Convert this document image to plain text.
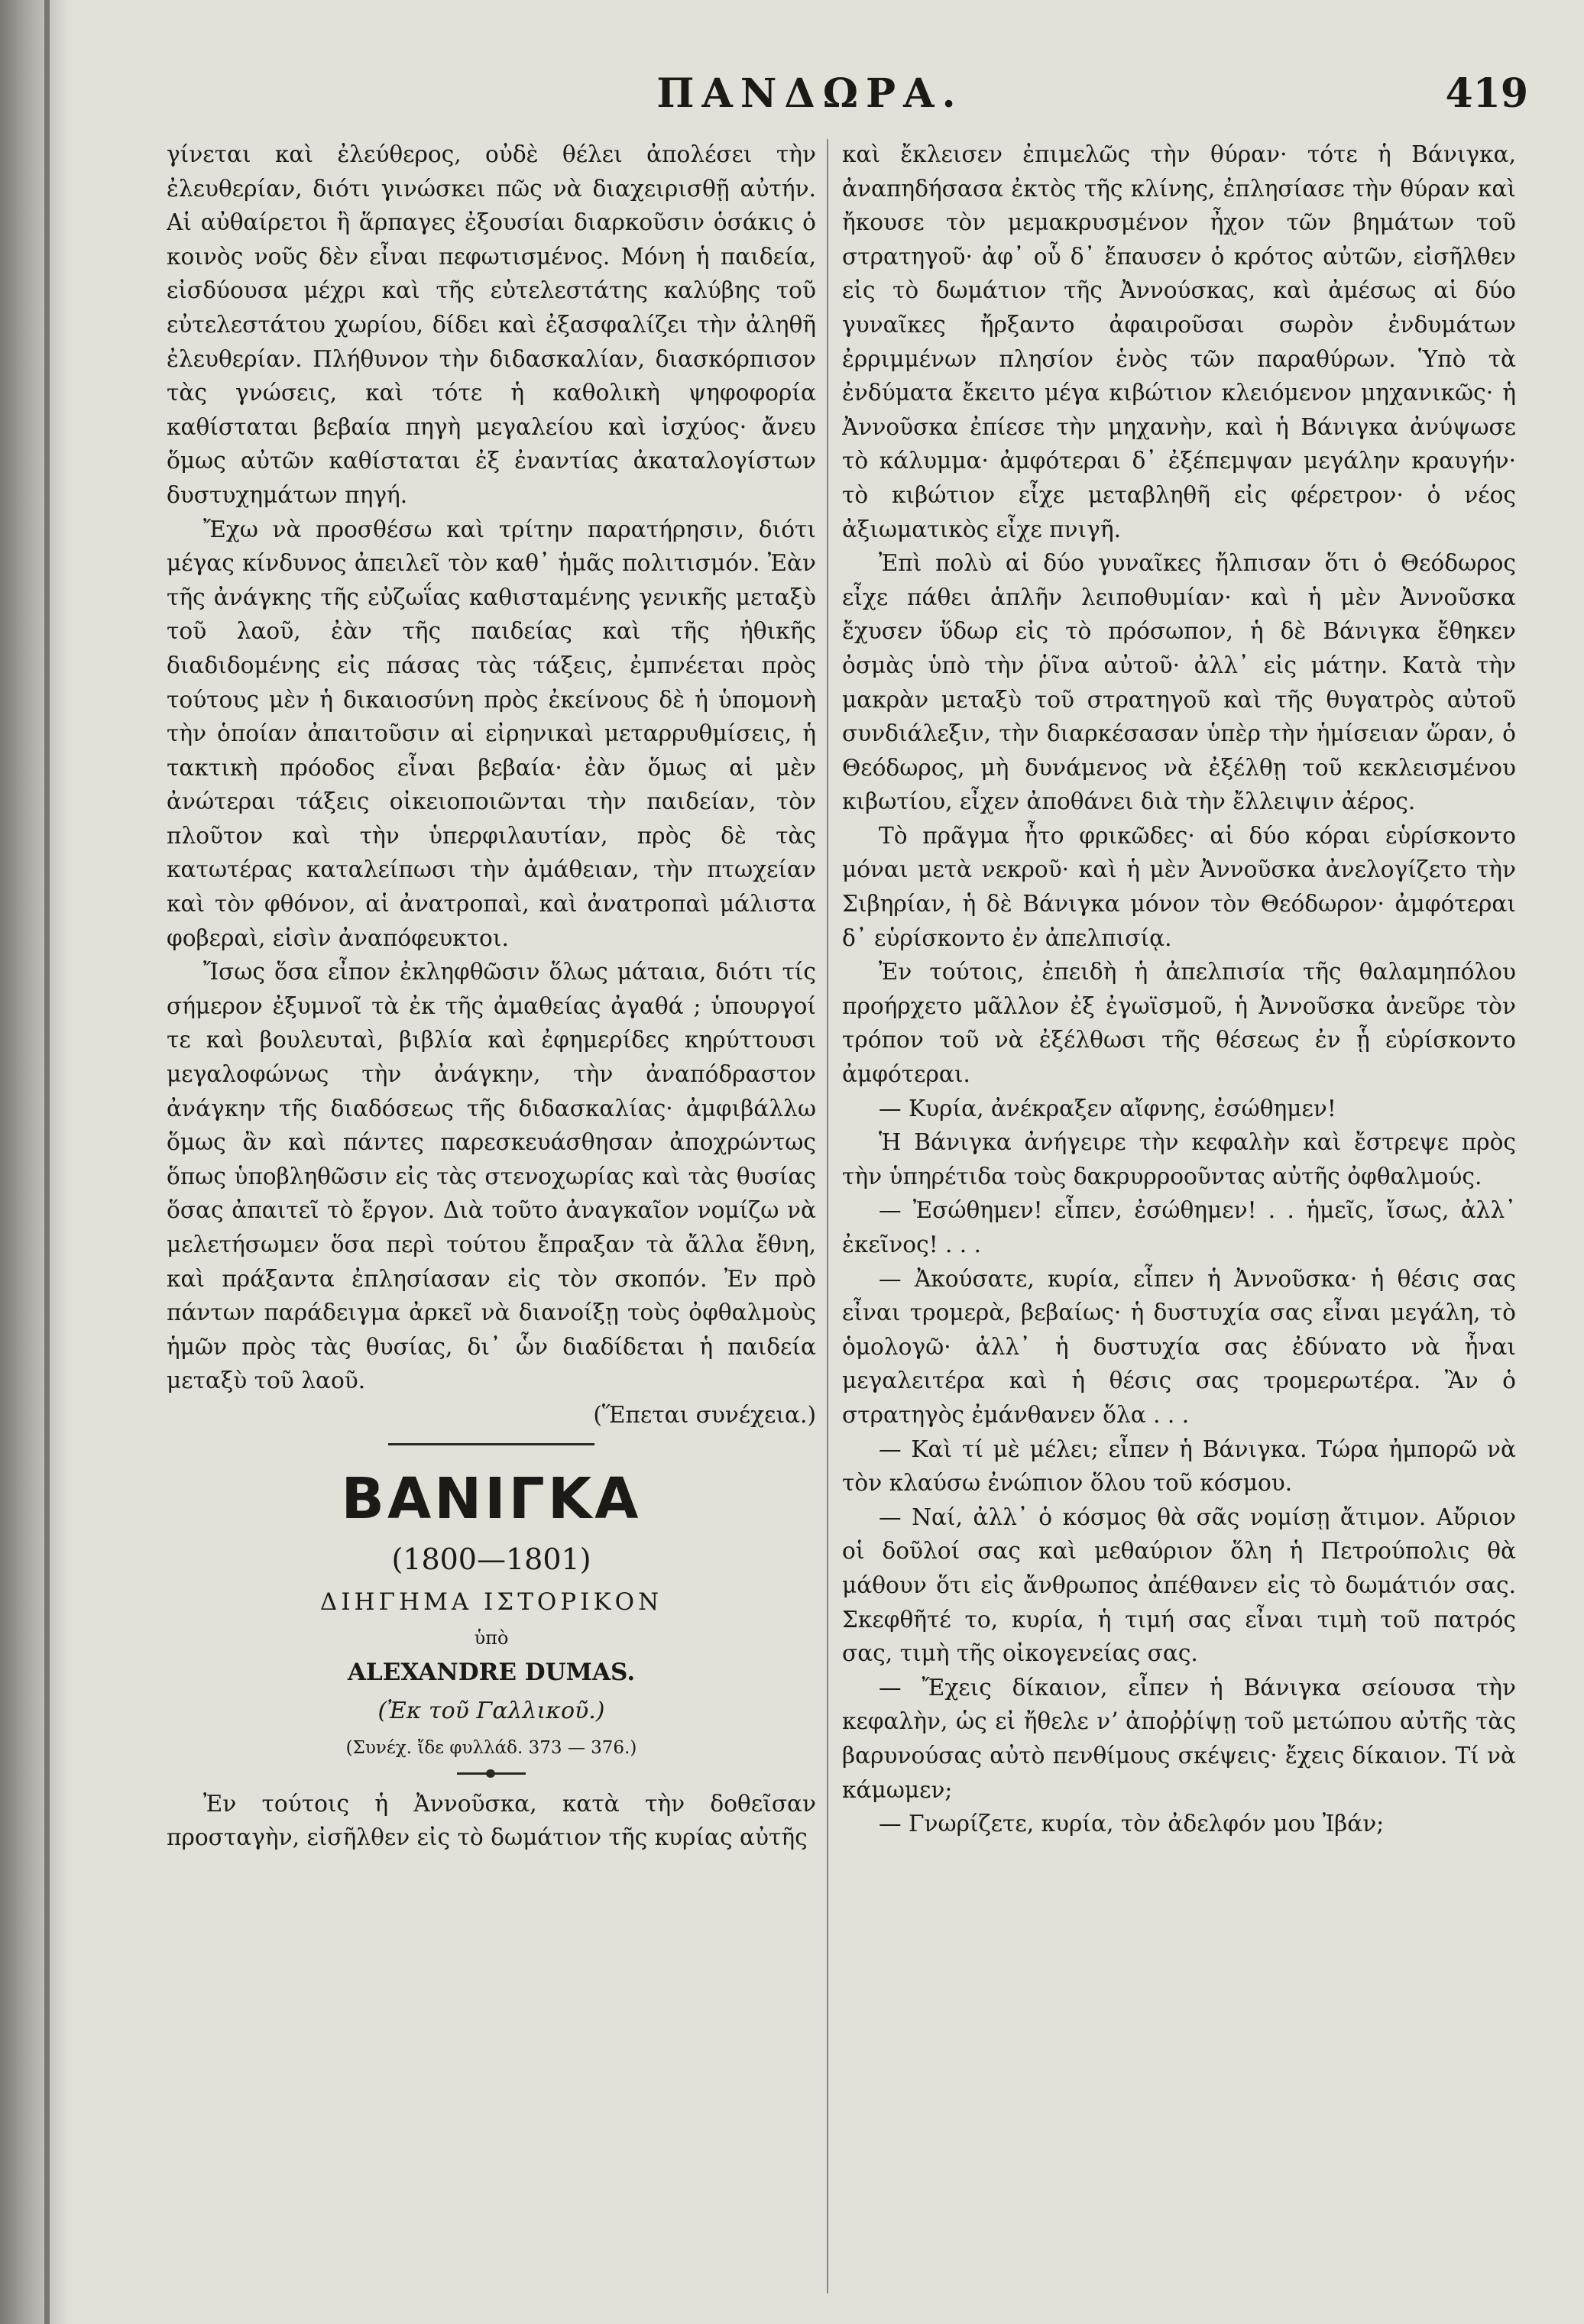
ΠΑΝΔΩΡΑ.	419

γίνεται καὶ ἐλεύθερος, οὐδὲ θέλει ἀπολέσει τὴν ἐλευθερίαν, διότι γινώσκει πῶς νὰ διαχειρισθῇ αὐτήν. Αἱ αὐθαίρετοι ἢ ἅρπαγες ἐξουσίαι διαρκοῦσιν ὁσάκις ὁ κοινὸς νοῦς δὲν εἶναι πεφωτισμένος. Μόνη ἡ παιδεία, εἰσδύουσα μέχρι καὶ τῆς εὐτελεστάτης καλύβης τοῦ εὐτελεστάτου χωρίου, δίδει καὶ ἐξασφαλίζει τὴν ἀληθῆ ἐλευθερίαν. Πλήθυνον τὴν διδασκαλίαν, διασκόρπισον τὰς γνώσεις, καὶ τότε ἡ καθολικὴ ψηφοφορία καθίσταται βεβαία πηγὴ μεγαλείου καὶ ἰσχύος· ἄνευ ὅμως αὐτῶν καθίσταται ἐξ ἐναντίας ἀκαταλογίστων δυστυχημάτων πηγή.

Ἔχω νὰ προσθέσω καὶ τρίτην παρατήρησιν, διότι μέγας κίνδυνος ἀπειλεῖ τὸν καθ᾽ ἡμᾶς πολιτισμόν. Ἐὰν τῆς ἀνάγκης τῆς εὐζωΐας καθισταμένης γενικῆς μεταξὺ τοῦ λαοῦ, ἐὰν τῆς παιδείας καὶ τῆς ἠθικῆς διαδιδομένης εἰς πάσας τὰς τάξεις, ἐμπνέεται πρὸς τούτους μὲν ἡ δικαιοσύνη πρὸς ἐκείνους δὲ ἡ ὑπομονὴ τὴν ὁποίαν ἀπαιτοῦσιν αἱ εἰρηνικαὶ μεταρρυθμίσεις, ἡ τακτικὴ πρόοδος εἶναι βεβαία· ἐὰν ὅμως αἱ μὲν ἀνώτεραι τάξεις οἰκειοποιῶνται τὴν παιδείαν, τὸν πλοῦτον καὶ τὴν ὑπερφιλαυτίαν, πρὸς δὲ τὰς κατωτέρας καταλείπωσι τὴν ἀμάθειαν, τὴν πτωχείαν καὶ τὸν φθόνον, αἱ ἀνατροπαὶ, καὶ ἀνατροπαὶ μάλιστα φοβεραὶ, εἰσὶν ἀναπόφευκτοι.

Ἴσως ὅσα εἶπον ἐκληφθῶσιν ὅλως μάταια, διότι τίς σήμερον ἐξυμνοῖ τὰ ἐκ τῆς ἀμαθείας ἀγαθά ; ὑπουργοί τε καὶ βουλευταὶ, βιβλία καὶ ἐφημερίδες κηρύττουσι μεγαλοφώνως τὴν ἀνάγκην, τὴν ἀναπόδραστον ἀνάγκην τῆς διαδόσεως τῆς διδασκαλίας· ἀμφιβάλλω ὅμως ἂν καὶ πάντες παρεσκευάσθησαν ἀποχρώντως ὅπως ὑποβληθῶσιν εἰς τὰς στενοχωρίας καὶ τὰς θυσίας ὅσας ἀπαιτεῖ τὸ ἔργον. Διὰ τοῦτο ἀναγκαῖον νομίζω νὰ μελετήσωμεν ὅσα περὶ τούτου ἔπραξαν τὰ ἄλλα ἔθνη, καὶ πράξαντα ἐπλησίασαν εἰς τὸν σκοπόν. Ἐν πρὸ πάντων παράδειγμα ἀρκεῖ νὰ διανοίξῃ τοὺς ὀφθαλμοὺς ἡμῶν πρὸς τὰς θυσίας, δι᾽ ὧν διαδίδεται ἡ παιδεία μεταξὺ τοῦ λαοῦ.

(Ἕπεται συνέχεια.)

ΒΑΝΙΓΚΑ
(1800—1801)
ΔΙΗΓΗΜΑ ΙΣΤΟΡΙΚΟΝ
ὑπὸ
ALEXANDRE DUMAS.
(Ἐκ τοῦ Γαλλικοῦ.)
(Συνέχ. ἴδε φυλλάδ. 373 — 376.)

Ἐν τούτοις ἡ Ἀννοῦσκα, κατὰ τὴν δοθεῖσαν προσταγὴν, εἰσῆλθεν εἰς τὸ δωμάτιον τῆς κυρίας αὐτῆς

καὶ ἔκλεισεν ἐπιμελῶς τὴν θύραν· τότε ἡ Βάνιγκα, ἀναπηδήσασα ἐκτὸς τῆς κλίνης, ἐπλησίασε τὴν θύραν καὶ ἤκουσε τὸν μεμακρυσμένον ἦχον τῶν βημάτων τοῦ στρατηγοῦ· ἀφ᾽ οὗ δ᾽ ἔπαυσεν ὁ κρότος αὐτῶν, εἰσῆλθεν εἰς τὸ δωμάτιον τῆς Ἀννούσκας, καὶ ἀμέσως αἱ δύο γυναῖκες ἤρξαντο ἀφαιροῦσαι σωρὸν ἐνδυμάτων ἐρριμμένων πλησίον ἑνὸς τῶν παραθύρων. Ὑπὸ τὰ ἐνδύματα ἔκειτο μέγα κιβώτιον κλειόμενον μηχανικῶς· ἡ Ἀννοῦσκα ἐπίεσε τὴν μηχανὴν, καὶ ἡ Βάνιγκα ἀνύψωσε τὸ κάλυμμα· ἀμφότεραι δ᾽ ἐξέπεμψαν μεγάλην κραυγήν· τὸ κιβώτιον εἶχε μεταβληθῆ εἰς φέρετρον· ὁ νέος ἀξιωματικὸς εἶχε πνιγῆ.

Ἐπὶ πολὺ αἱ δύο γυναῖκες ἤλπισαν ὅτι ὁ Θεόδωρος εἶχε πάθει ἁπλῆν λειποθυμίαν· καὶ ἡ μὲν Ἀννοῦσκα ἔχυσεν ὕδωρ εἰς τὸ πρόσωπον, ἡ δὲ Βάνιγκα ἔθηκεν ὀσμὰς ὑπὸ τὴν ῥῖνα αὐτοῦ· ἀλλ᾽ εἰς μάτην. Κατὰ τὴν μακρὰν μεταξὺ τοῦ στρατηγοῦ καὶ τῆς θυγατρὸς αὐτοῦ συνδιάλεξιν, τὴν διαρκέσασαν ὑπὲρ τὴν ἡμίσειαν ὥραν, ὁ Θεόδωρος, μὴ δυνάμενος νὰ ἐξέλθῃ τοῦ κεκλεισμένου κιβωτίου, εἶχεν ἀποθάνει διὰ τὴν ἔλλειψιν ἀέρος.

Τὸ πρᾶγμα ἦτο φρικῶδες· αἱ δύο κόραι εὑρίσκοντο μόναι μετὰ νεκροῦ· καὶ ἡ μὲν Ἀννοῦσκα ἀνελογίζετο τὴν Σιβηρίαν, ἡ δὲ Βάνιγκα μόνον τὸν Θεόδωρον· ἀμφότεραι δ᾽ εὑρίσκοντο ἐν ἀπελπισίᾳ.

Ἐν τούτοις, ἐπειδὴ ἡ ἀπελπισία τῆς θαλαμηπόλου προήρχετο μᾶλλον ἐξ ἐγωϊσμοῦ, ἡ Ἀννοῦσκα ἀνεῦρε τὸν τρόπον τοῦ νὰ ἐξέλθωσι τῆς θέσεως ἐν ᾗ εὑρίσκοντο ἀμφότεραι.

— Κυρία, ἀνέκραξεν αἴφνης, ἐσώθημεν!

Ἡ Βάνιγκα ἀνήγειρε τὴν κεφαλὴν καὶ ἔστρεψε πρὸς τὴν ὑπηρέτιδα τοὺς δακρυρροοῦντας αὐτῆς ὀφθαλμούς.

— Ἐσώθημεν! εἶπεν, ἐσώθημεν! . . ἡμεῖς, ἴσως, ἀλλ᾽ ἐκεῖνος! . . .

— Ἀκούσατε, κυρία, εἶπεν ἡ Ἀννοῦσκα· ἡ θέσις σας εἶναι τρομερὰ, βεβαίως· ἡ δυστυχία σας εἶναι μεγάλη, τὸ ὁμολογῶ· ἀλλ᾽ ἡ δυστυχία σας ἐδύνατο νὰ ἦναι μεγαλειτέρα καὶ ἡ θέσις σας τρομερωτέρα. Ἂν ὁ στρατηγὸς ἐμάνθανεν ὅλα . . .

— Καὶ τί μὲ μέλει; εἶπεν ἡ Βάνιγκα. Τώρα ἠμπορῶ νὰ τὸν κλαύσω ἐνώπιον ὅλου τοῦ κόσμου.

— Ναί, ἀλλ᾽ ὁ κόσμος θὰ σᾶς νομίσῃ ἄτιμον. Αὔριον οἱ δοῦλοί σας καὶ μεθαύριον ὅλη ἡ Πετρούπολις θὰ μάθουν ὅτι εἰς ἄνθρωπος ἀπέθανεν εἰς τὸ δωμάτιόν σας. Σκεφθῆτέ το, κυρία, ἡ τιμή σας εἶναι τιμὴ τοῦ πατρός σας, τιμὴ τῆς οἰκογενείας σας.

— Ἔχεις δίκαιον, εἶπεν ἡ Βάνιγκα σείουσα τὴν κεφαλὴν, ὡς εἰ ἤθελε νʼ ἀποῤῥίψῃ τοῦ μετώπου αὐτῆς τὰς βαρυνούσας αὐτὸ πενθίμους σκέψεις· ἔχεις δίκαιον. Τί νὰ κάμωμεν;

— Γνωρίζετε, κυρία, τὸν ἀδελφόν μου Ἰβάν;
